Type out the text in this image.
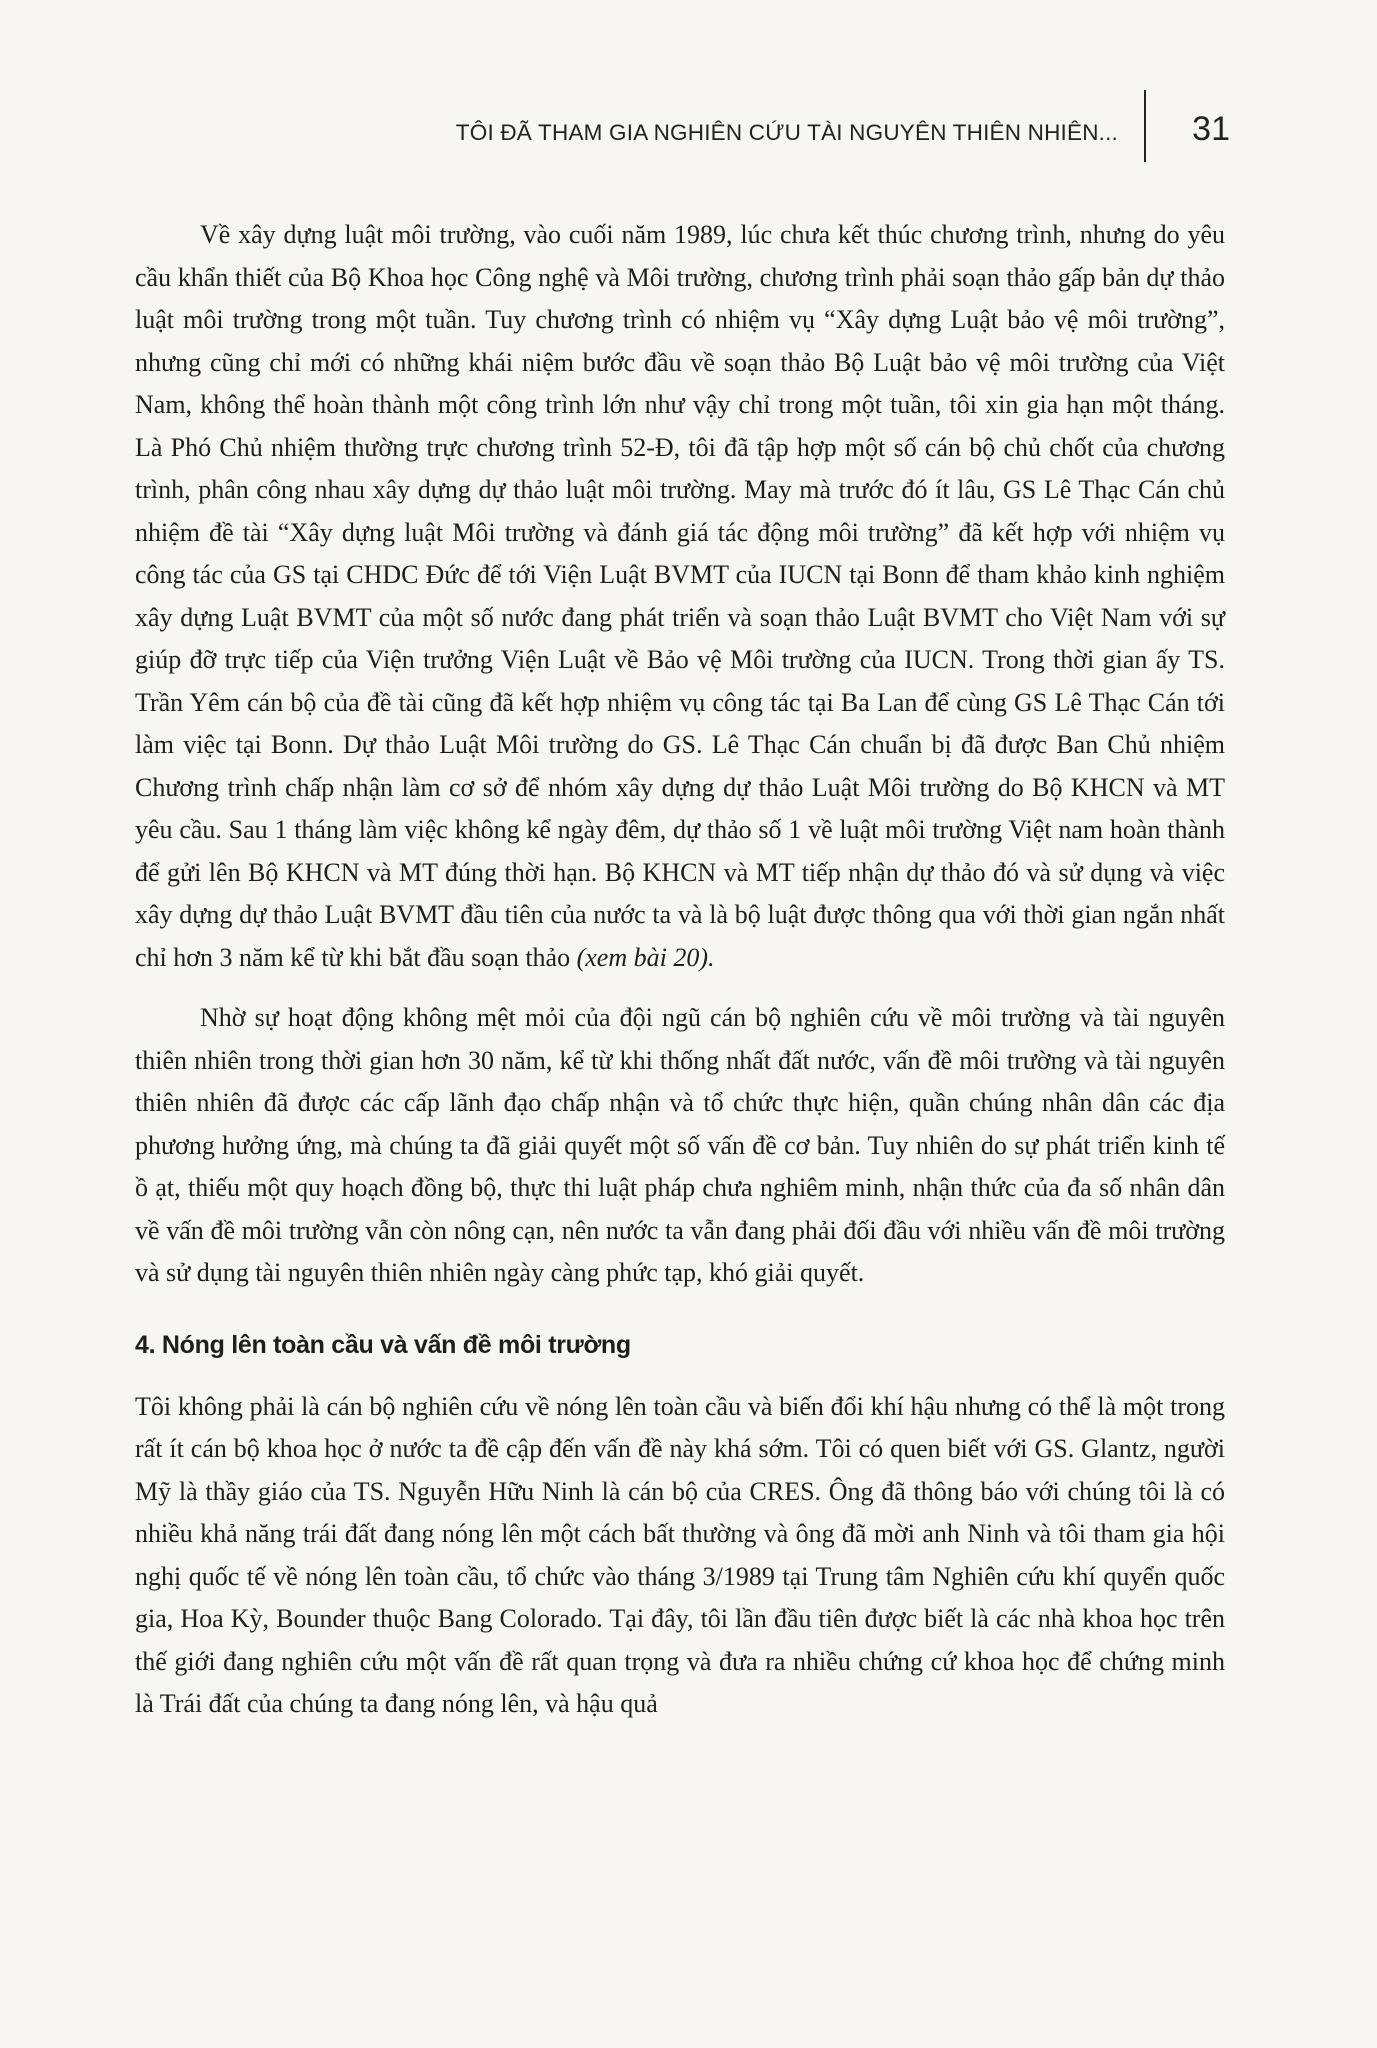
TÔI ĐÃ THAM GIA NGHIÊN CỨU TÀI NGUYÊN THIÊN NHIÊN... 31

Về xây dựng luật môi trường, vào cuối năm 1989, lúc chưa kết thúc chương trình, nhưng do yêu cầu khẩn thiết của Bộ Khoa học Công nghệ và Môi trường, chương trình phải soạn thảo gấp bản dự thảo luật môi trường trong một tuần. Tuy chương trình có nhiệm vụ “Xây dựng Luật bảo vệ môi trường”, nhưng cũng chỉ mới có những khái niệm bước đầu về soạn thảo Bộ Luật bảo vệ môi trường của Việt Nam, không thể hoàn thành một công trình lớn như vậy chỉ trong một tuần, tôi xin gia hạn một tháng. Là Phó Chủ nhiệm thường trực chương trình 52-Đ, tôi đã tập hợp một số cán bộ chủ chốt của chương trình, phân công nhau xây dựng dự thảo luật môi trường. May mà trước đó ít lâu, GS Lê Thạc Cán chủ nhiệm đề tài “Xây dựng luật Môi trường và đánh giá tác động môi trường” đã kết hợp với nhiệm vụ công tác của GS tại CHDC Đức để tới Viện Luật BVMT của IUCN tại Bonn để tham khảo kinh nghiệm xây dựng Luật BVMT của một số nước đang phát triển và soạn thảo Luật BVMT cho Việt Nam với sự giúp đỡ trực tiếp của Viện trưởng Viện Luật về Bảo vệ Môi trường của IUCN. Trong thời gian ấy TS. Trần Yêm cán bộ của đề tài cũng đã kết hợp nhiệm vụ công tác tại Ba Lan để cùng GS Lê Thạc Cán tới làm việc tại Bonn. Dự thảo Luật Môi trường do GS. Lê Thạc Cán chuẩn bị đã được Ban Chủ nhiệm Chương trình chấp nhận làm cơ sở để nhóm xây dựng dự thảo Luật Môi trường do Bộ KHCN và MT yêu cầu. Sau 1 tháng làm việc không kể ngày đêm, dự thảo số 1 về luật môi trường Việt nam hoàn thành để gửi lên Bộ KHCN và MT đúng thời hạn. Bộ KHCN và MT tiếp nhận dự thảo đó và sử dụng và việc xây dựng dự thảo Luật BVMT đầu tiên của nước ta và là bộ luật được thông qua với thời gian ngắn nhất chỉ hơn 3 năm kể từ khi bắt đầu soạn thảo (xem bài 20).

Nhờ sự hoạt động không mệt mỏi của đội ngũ cán bộ nghiên cứu về môi trường và tài nguyên thiên nhiên trong thời gian hơn 30 năm, kể từ khi thống nhất đất nước, vấn đề môi trường và tài nguyên thiên nhiên đã được các cấp lãnh đạo chấp nhận và tổ chức thực hiện, quần chúng nhân dân các địa phương hưởng ứng, mà chúng ta đã giải quyết một số vấn đề cơ bản. Tuy nhiên do sự phát triển kinh tế ồ ạt, thiếu một quy hoạch đồng bộ, thực thi luật pháp chưa nghiêm minh, nhận thức của đa số nhân dân về vấn đề môi trường vẫn còn nông cạn, nên nước ta vẫn đang phải đối đầu với nhiều vấn đề môi trường và sử dụng tài nguyên thiên nhiên ngày càng phức tạp, khó giải quyết.

4. Nóng lên toàn cầu và vấn đề môi trường

Tôi không phải là cán bộ nghiên cứu về nóng lên toàn cầu và biến đổi khí hậu nhưng có thể là một trong rất ít cán bộ khoa học ở nước ta đề cập đến vấn đề này khá sớm. Tôi có quen biết với GS. Glantz, người Mỹ là thầy giáo của TS. Nguyễn Hữu Ninh là cán bộ của CRES. Ông đã thông báo với chúng tôi là có nhiều khả năng trái đất đang nóng lên một cách bất thường và ông đã mời anh Ninh và tôi tham gia hội nghị quốc tế về nóng lên toàn cầu, tổ chức vào tháng 3/1989 tại Trung tâm Nghiên cứu khí quyển quốc gia, Hoa Kỳ, Bounder thuộc Bang Colorado. Tại đây, tôi lần đầu tiên được biết là các nhà khoa học trên thế giới đang nghiên cứu một vấn đề rất quan trọng và đưa ra nhiều chứng cứ khoa học để chứng minh là Trái đất của chúng ta đang nóng lên, và hậu quả
